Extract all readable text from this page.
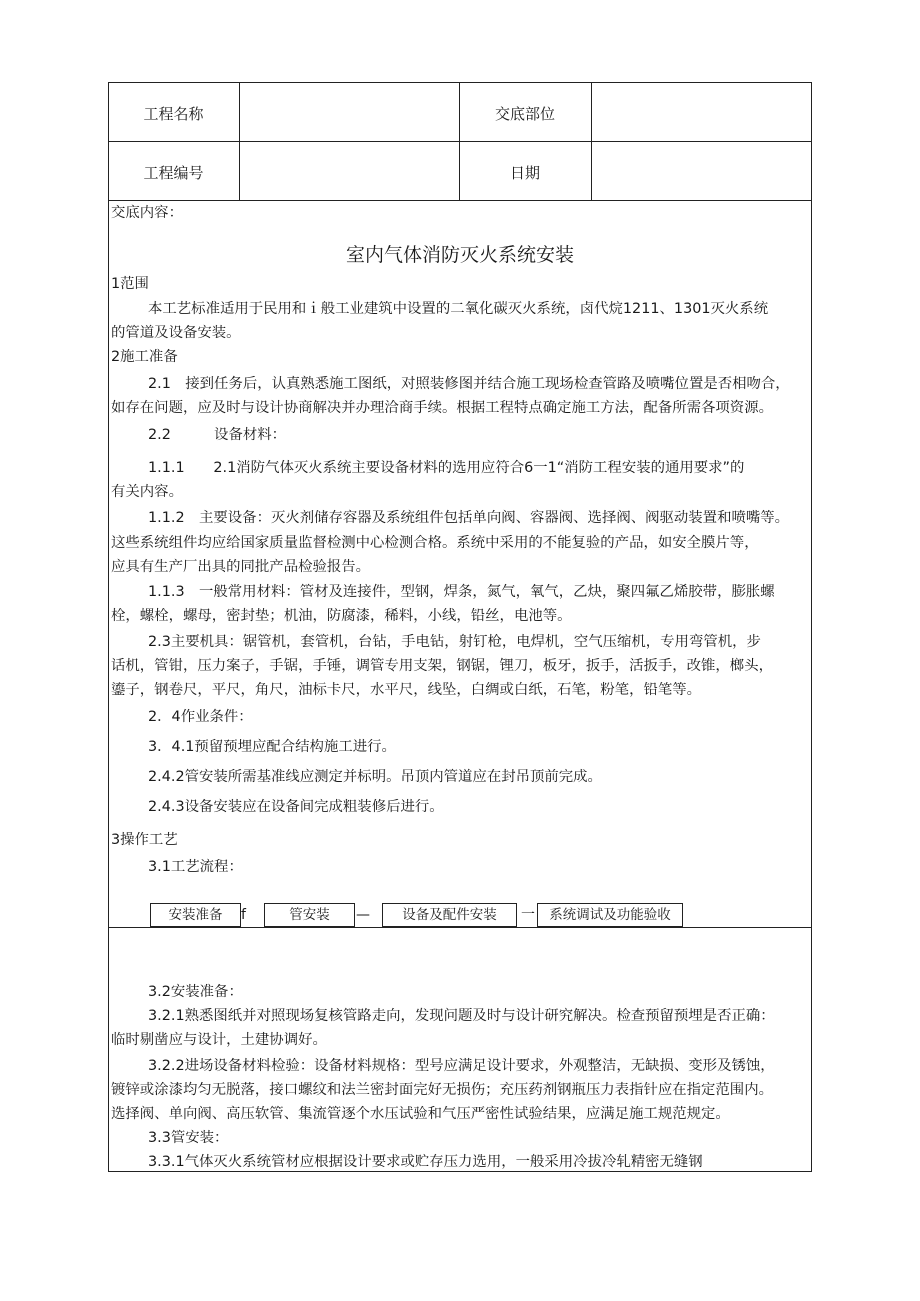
工程名称	交底部位
工程编号	日期
交底内容：
室内气体消防灭火系统安装
1范围
本工艺标准适用于民用和ｉ般工业建筑中设置的二氧化碳灭火系统，卤代烷1211、1301灭火系统
的管道及设备安装。
2施工准备
2.1　接到任务后，认真熟悉施工图纸，对照装修图并结合施工现场检查管路及喷嘴位置是否相吻合，
如存在问题，应及时与设计协商解决并办理洽商手续。根据工程特点确定施工方法，配备所需各项资源。
2.2　　　设备材料：
1.1.1　　2.1消防气体灭火系统主要设备材料的选用应符合6一1“消防工程安装的通用要求”的
有关内容。
1.1.2　主要设备：灭火剂储存容器及系统组件包括单向阀、容器阀、选择阀、阀驱动装置和喷嘴等。
这些系统组件均应给国家质量监督检测中心检测合格。系统中采用的不能复验的产品，如安全膜片等，
应具有生产厂出具的同批产品检验报告。
1.1.3　一般常用材料：管材及连接件，型钢，焊条，氮气，氧气，乙炔，聚四氟乙烯胶带，膨胀螺
栓，螺栓，螺母，密封垫；机油，防腐漆，稀料，小线，铅丝，电池等。
2.3主要机具：锯管机，套管机，台钻，手电钻，射钉枪，电焊机，空气压缩机，专用弯管机，步
话机，管钳，压力案子，手锯，手锤，调管专用支架，钢锯，锂刀，板牙，扳手，活扳手，改锥，榔头，
鎏子，钢卷尺，平尺，角尺，油标卡尺，水平尺，线坠，白绸或白纸，石笔，粉笔，铅笔等。
2．4作业条件：
3．4.1预留预埋应配合结构施工进行。
2.4.2管安装所需基准线应测定并标明。吊顶内管道应在封吊顶前完成。
2.4.3设备安装应在设备间完成粗装修后进行。
3操作工艺
3.1工艺流程：
安装准备	f	管安装	—	设备及配件安装	一	系统调试及功能验收
3.2安装准备：
3.2.1熟悉图纸并对照现场复核管路走向，发现问题及时与设计研究解决。检查预留预埋是否正确：
临时剔凿应与设计，土建协调好。
3.2.2进场设备材料检验：设备材料规格：型号应满足设计要求，外观整洁，无缺损、变形及锈蚀，
镀锌或涂漆均匀无脱落，接口螺纹和法兰密封面完好无损伤；充压药剂钢瓶压力表指针应在指定范围内。
选择阀、单向阀、高压软管、集流管逐个水压试验和气压严密性试验结果，应满足施工规范规定。
3.3管安装：
3.3.1气体灭火系统管材应根据设计要求或贮存压力选用，一般采用冷拔冷轧精密无缝钢
